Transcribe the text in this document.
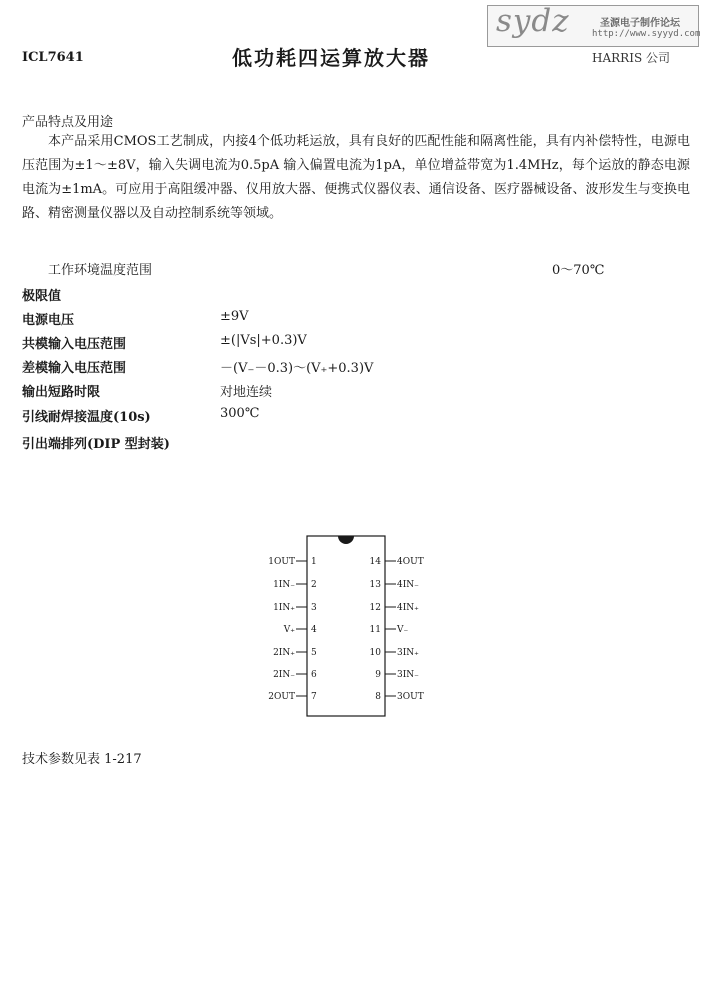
ICL7641	低功耗四运算放大器	HARRIS 公司
sydz	圣源电子制作论坛
http://www.syyyd.com
产品特点及用途
本产品采用CMOS工艺制成，内接4个低功耗运放，具有良好的匹配性能和隔离性能，具有内补偿特性，电源电压范围为±1～±8V，输入失调电流为0.5pA 输入偏置电流为1pA，单位增益带宽为1.4MHz，每个运放的静态电源电流为±1mA。可应用于高阻缓冲器、仪用放大器、便携式仪器仪表、通信设备、医疗器械设备、波形发生与变换电路、精密测量仪器以及自动控制系统等领域。
工作环境温度范围	0～70℃
极限值
电源电压	±9V
共模输入电压范围	±(|Vs|+0.3)V
差模输入电压范围	－(V₋－0.3)～(V₊+0.3)V
输出短路时限	对地连续
引线耐焊接温度(10s)	300℃
引出端排列(DIP 型封装)
1OUT 1	14 4OUT
1IN₋ 2	13 4IN₋
1IN₊ 3	12 4IN₊
V₊ 4	11 V₋
2IN₊ 5	10 3IN₊
2IN₋ 6	9 3IN₋
2OUT 7	8 3OUT
技术参数见表 1-217
